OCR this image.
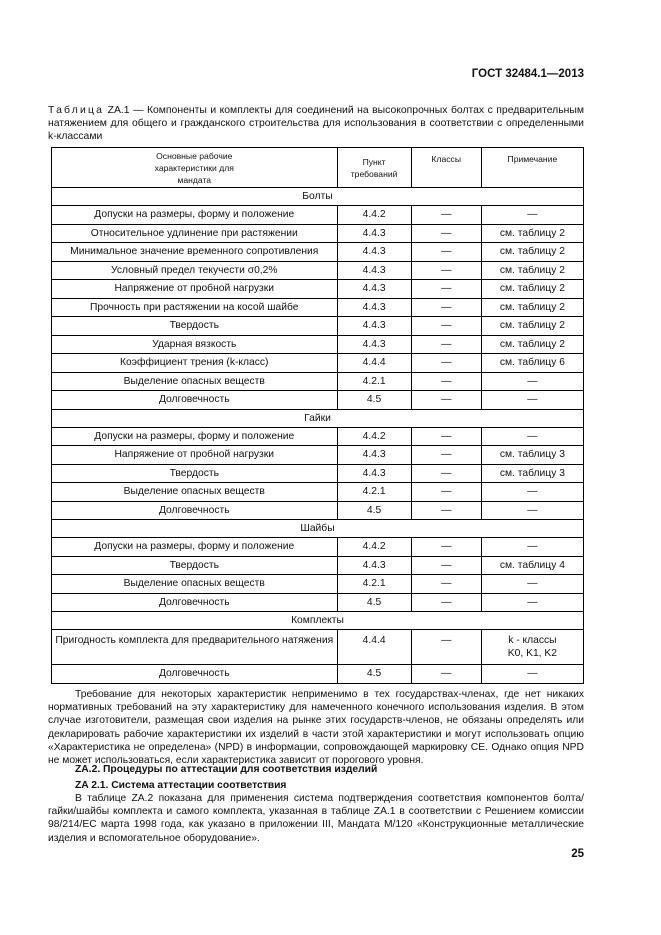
ГОСТ 32484.1—2013
Таблица ZA.1 — Компоненты и комплекты для соединений на высокопрочных болтах с предварительным натяжением для общего и гражданского строительства для использования в соответствии с определенными k-классами
Основные рабочие характеристики для мандата	Пункт требований	Классы	Примечание
Болты			
Допуски на размеры, форму и положение	4.4.2	—	—
Относительное удлинение при растяжении	4.4.3	—	см. таблицу 2
Минимальное значение временного сопротивления	4.4.3	—	см. таблицу 2
Условный предел текучести σ0,2%	4.4.3	—	см. таблицу 2
Напряжение от пробной нагрузки	4.4.3	—	см. таблицу 2
Прочность при растяжении на косой шайбе	4.4.3	—	см. таблицу 2
Твердость	4.4.3	—	см. таблицу 2
Ударная вязкость	4.4.3	—	см. таблицу 2
Коэффициент трения (k-класс)	4.4.4	—	см. таблицу 6
Выделение опасных веществ	4.2.1	—	—
Долговечность	4.5	—	—
Гайки			
Допуски на размеры, форму и положение	4.4.2	—	—
Напряжение от пробной нагрузки	4.4.3	—	см. таблицу 3
Твердость	4.4.3	—	см. таблицу 3
Выделение опасных веществ	4.2.1	—	—
Долговечность	4.5	—	—
Шайбы			
Допуски на размеры, форму и положение	4.4.2	—	—
Твердость	4.4.3	—	см. таблицу 4
Выделение опасных веществ	4.2.1	—	—
Долговечность	4.5	—	—
Комплекты			
Пригодность комплекта для предварительного натяжения	4.4.4	—	k - классы
K0, K1, K2
Долговечность	4.5	—	—
Требование для некоторых характеристик неприменимо в тех государствах-членах, где нет никаких нормативных требований на эту характеристику для намеченного конечного использования изделия. В этом случае изготовители, размещая свои изделия на рынке этих государств-членов, не обязаны определять или декларировать рабочие характеристики их изделий в части этой характеристики и могут использовать опцию «Характеристика не определена» (NPD) в информации, сопровождающей маркировку СЕ. Однако опция NPD не может использоваться, если характеристика зависит от порогового уровня.
ZA.2. Процедуры по аттестации для соответствия изделий
ZA 2.1. Система аттестации соответствия
В таблице ZA.2 показана для применения система подтверждения соответствия компонентов болта/гайки/шайбы комплекта и самого комплекта, указанная в таблице ZA.1 в соответствии с Решением комиссии 98/214/ЕС марта 1998 года, как указано в приложении III, Мандата М/120 «Конструкционные металлические изделия и вспомогательное оборудование».
25
